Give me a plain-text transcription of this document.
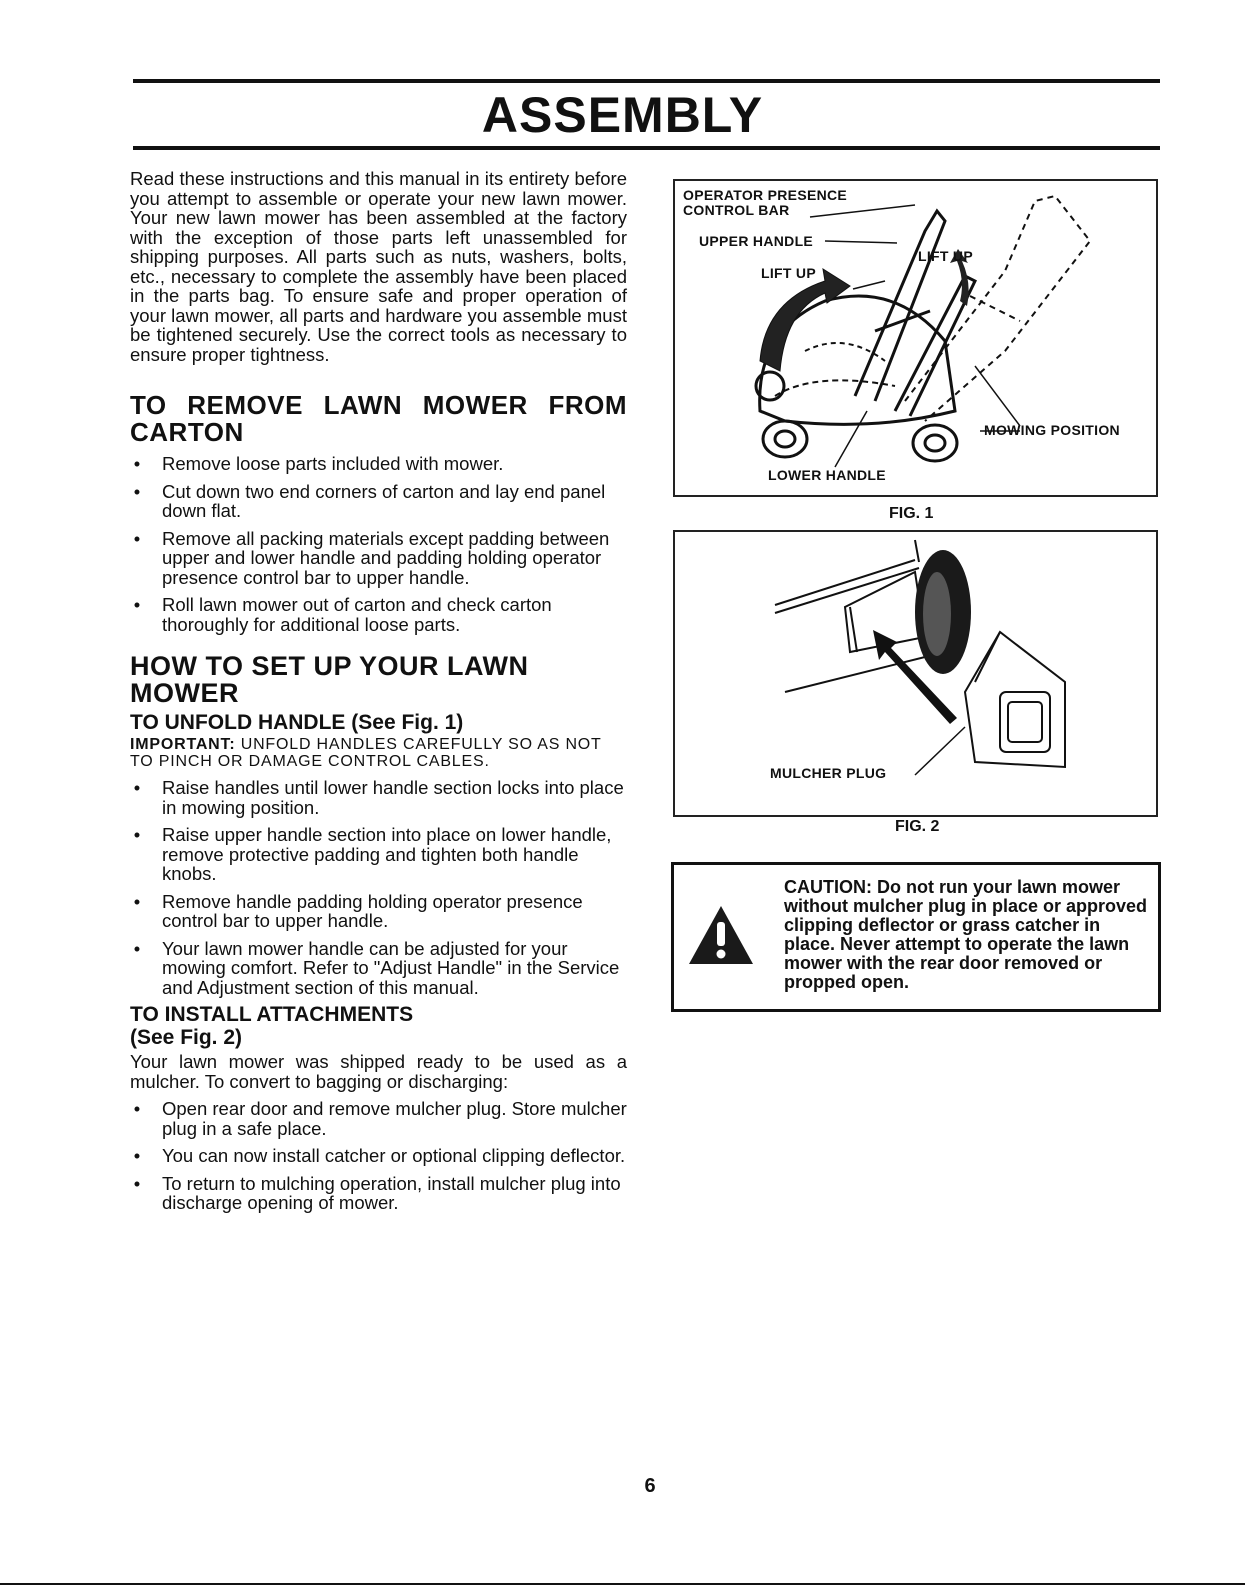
ASSEMBLY
Read these instructions and this manual in its entirety before you attempt to assemble or operate your new lawn mower. Your new lawn mower has been assembled at the factory with the exception of those parts left unassembled for shipping purposes. All parts such as nuts, washers, bolts, etc., necessary to complete the assembly have been placed in the parts bag. To ensure safe and proper operation of your lawn mower, all parts and hardware you assemble must be tightened securely. Use the correct tools as necessary to ensure proper tightness.
TO REMOVE LAWN MOWER FROM
CARTON
• Remove loose parts included with mower.
• Cut down two end corners of carton and lay end panel down flat.
• Remove all packing materials except padding between upper and lower handle and padding holding operator presence control bar to upper handle.
• Roll lawn mower out of carton and check carton thoroughly for additional loose parts.
HOW TO SET UP YOUR LAWN MOWER
TO UNFOLD HANDLE (See Fig. 1)
IMPORTANT: UNFOLD HANDLES CAREFULLY SO AS NOT TO PINCH OR DAMAGE CONTROL CABLES.
• Raise handles until lower handle section locks into place in mowing position.
• Raise upper handle section into place on lower handle, remove protective padding and tighten both handle knobs.
• Remove handle padding holding operator presence control bar to upper handle.
• Your lawn mower handle can be adjusted for your mowing comfort. Refer to "Adjust Handle" in the Service and Adjustment section of this manual.
TO INSTALL ATTACHMENTS
(See Fig. 2)
Your lawn mower was shipped ready to be used as a mulcher. To convert to bagging or discharging:
• Open rear door and remove mulcher plug. Store mulcher plug in a safe place.
• You can now install catcher or optional clipping deflector.
• To return to mulching operation, install mulcher plug into discharge opening of mower.
OPERATOR PRESENCE
CONTROL BAR
UPPER HANDLE
LIFT UP
LIFT UP
MOWING POSITION
LOWER HANDLE
FIG. 1
MULCHER PLUG
FIG. 2
CAUTION: Do not run your lawn mower without mulcher plug in place or approved clipping deflector or grass catcher in place. Never attempt to operate the lawn mower with the rear door removed or propped open.
6
